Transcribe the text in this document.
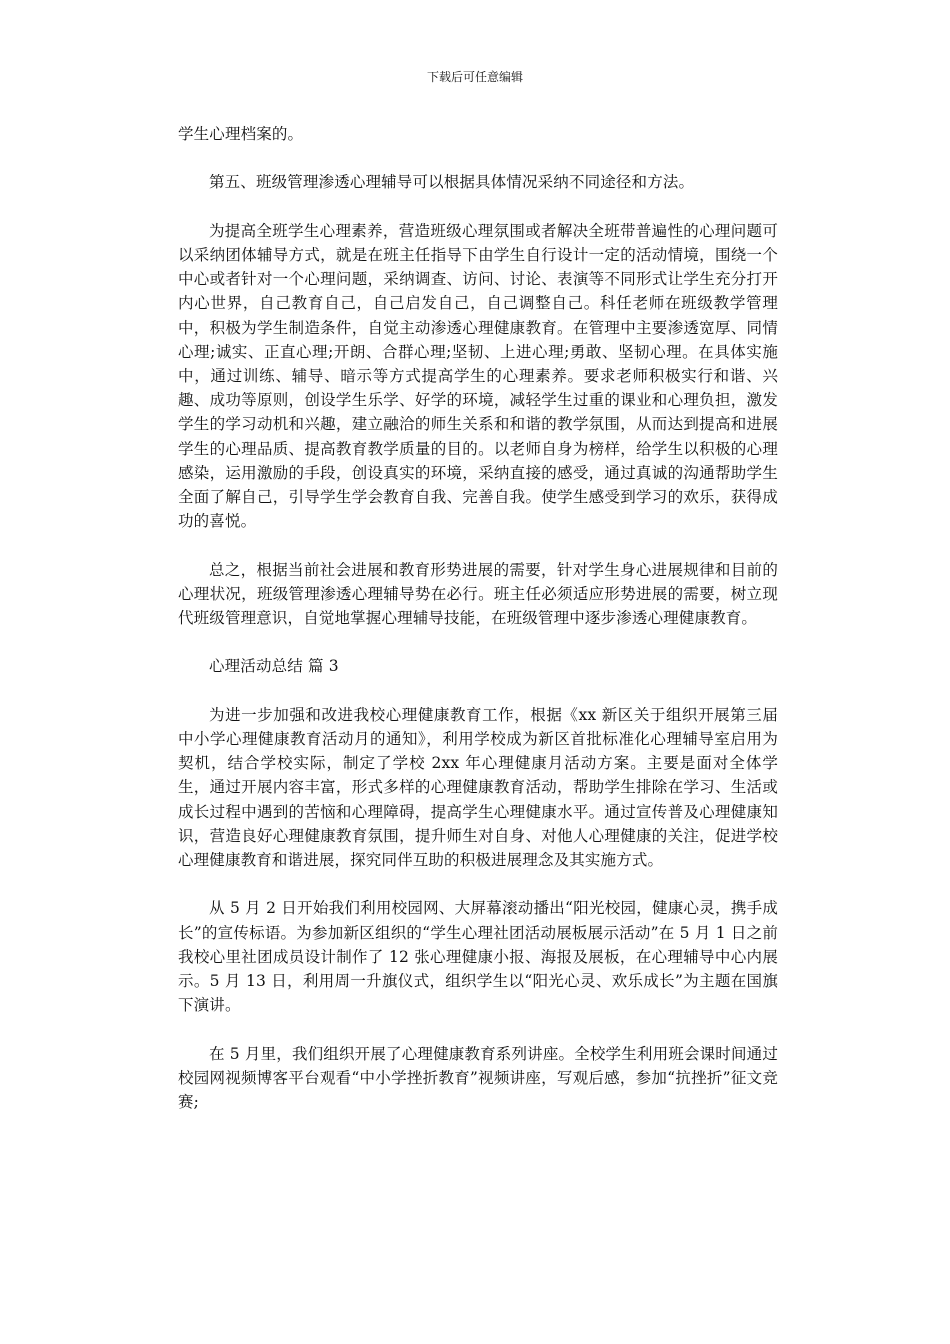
下载后可任意编辑

学生心理档案的。

第五、班级管理渗透心理辅导可以根据具体情况采纳不同途径和方法。

为提高全班学生心理素养，营造班级心理氛围或者解决全班带普遍性的心理问题可以采纳团体辅导方式，就是在班主任指导下由学生自行设计一定的活动情境，围绕一个中心或者针对一个心理问题，采纳调查、访问、讨论、表演等不同形式让学生充分打开内心世界，自己教育自己，自己启发自己，自己调整自己。科任老师在班级教学管理中，积极为学生制造条件，自觉主动渗透心理健康教育。在管理中主要渗透宽厚、同情心理;诚实、正直心理;开朗、合群心理;坚韧、上进心理;勇敢、坚韧心理。在具体实施中，通过训练、辅导、暗示等方式提高学生的心理素养。要求老师积极实行和谐、兴趣、成功等原则，创设学生乐学、好学的环境，减轻学生过重的课业和心理负担，激发学生的学习动机和兴趣，建立融洽的师生关系和和谐的教学氛围，从而达到提高和进展学生的心理品质、提高教育教学质量的目的。以老师自身为榜样，给学生以积极的心理感染，运用激励的手段，创设真实的环境，采纳直接的感受，通过真诚的沟通帮助学生全面了解自己，引导学生学会教育自我、完善自我。使学生感受到学习的欢乐，获得成功的喜悦。

总之，根据当前社会进展和教育形势进展的需要，针对学生身心进展规律和目前的心理状况，班级管理渗透心理辅导势在必行。班主任必须适应形势进展的需要，树立现代班级管理意识，自觉地掌握心理辅导技能，在班级管理中逐步渗透心理健康教育。

心理活动总结 篇 3

为进一步加强和改进我校心理健康教育工作，根据《xx 新区关于组织开展第三届中小学心理健康教育活动月的通知》，利用学校成为新区首批标准化心理辅导室启用为契机，结合学校实际，制定了学校 2xx 年心理健康月活动方案。主要是面对全体学生，通过开展内容丰富，形式多样的心理健康教育活动，帮助学生排除在学习、生活或成长过程中遇到的苦恼和心理障碍，提高学生心理健康水平。通过宣传普及心理健康知识，营造良好心理健康教育氛围，提升师生对自身、对他人心理健康的关注，促进学校心理健康教育和谐进展，探究同伴互助的积极进展理念及其实施方式。

从 5 月 2 日开始我们利用校园网、大屏幕滚动播出“阳光校园，健康心灵，携手成长”的宣传标语。为参加新区组织的“学生心理社团活动展板展示活动”在 5 月 1 日之前我校心里社团成员设计制作了 12 张心理健康小报、海报及展板，在心理辅导中心内展示。5 月 13 日，利用周一升旗仪式，组织学生以“阳光心灵、欢乐成长”为主题在国旗下演讲。

在 5 月里，我们组织开展了心理健康教育系列讲座。全校学生利用班会课时间通过校园网视频博客平台观看“中小学挫折教育”视频讲座，写观后感，参加“抗挫折”征文竞赛;
